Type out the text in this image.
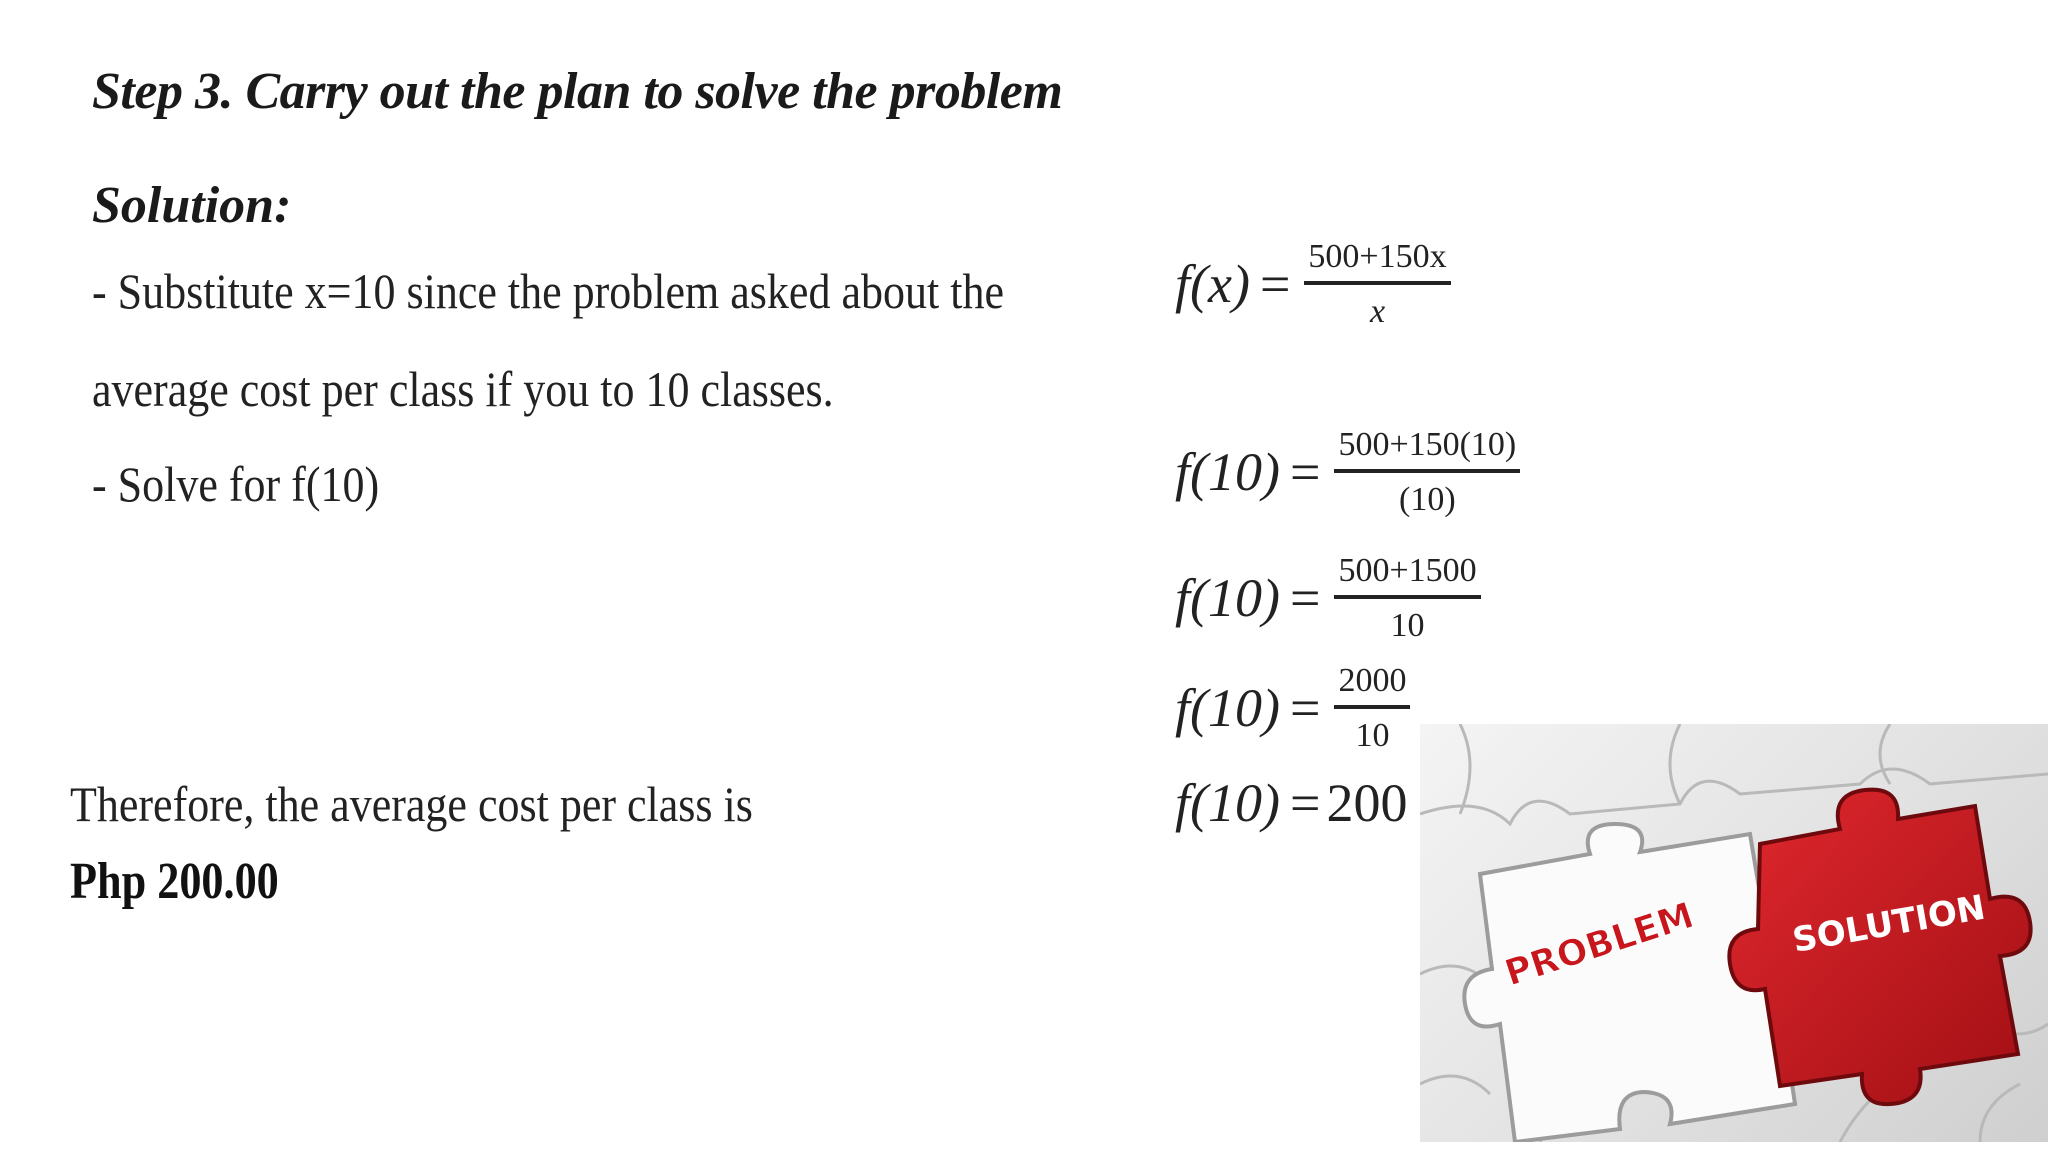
Step 3. Carry out the plan to solve the problem
Solution:
- Substitute x=10 since the problem asked about the
average cost per class if you to 10 classes.
- Solve for f(10)
Therefore, the average cost per class is
Php 200.00
$f(x) = \frac{500+150x}{x}$
$f(10) = \frac{500+150(10)}{(10)}$
$f(10) = \frac{500+1500}{10}$
$f(10) = \frac{2000}{10}$
f(10) = 200
PROBLEM	SOLUTION
